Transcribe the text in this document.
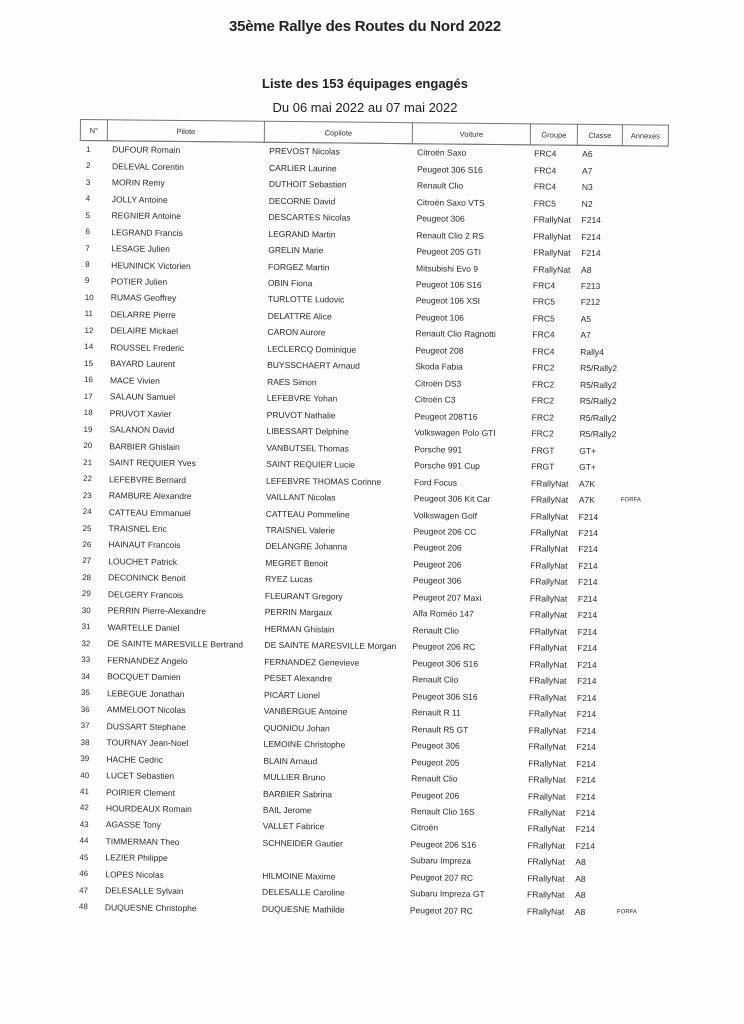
35ème Rallye des Routes du Nord 2022
Liste des 153 équipages engagés
Du 06 mai 2022 au 07 mai 2022
N°	Pilote	Copilote	Voiture	Groupe	Classe	Annexes
1	DUFOUR Romain	PREVOST Nicolas	Citroën Saxo	FRC4	A6	
2	DELEVAL Corentin	CARLIER Laurine	Peugeot 306 S16	FRC4	A7	
3	MORIN Remy	DUTHOIT Sebastien	Renault Clio	FRC4	N3	
4	JOLLY Antoine	DECORNE David	Citroën Saxo VTS	FRC5	N2	
5	REGNIER Antoine	DESCARTES Nicolas	Peugeot 306	FRallyNat	F214	
6	LEGRAND Francis	LEGRAND Martin	Renault Clio 2 RS	FRallyNat	F214	
7	LESAGE Julien	GRELIN Marie	Peugeot 205 GTI	FRallyNat	F214	
8	HEUNINCK Victorien	FORGEZ Martin	Mitsubishi Evo 9	FRallyNat	A8	
9	POTIER Julien	OBIN Fiona	Peugeot 106 S16	FRC4	F213	
10	RUMAS Geoffrey	TURLOTTE Ludovic	Peugeot 106 XSI	FRC5	F212	
11	DELARRE Pierre	DELATTRE Alice	Peugeot 106	FRC5	A5	
12	DELAIRE Mickael	CARON Aurore	Renault Clio Ragnotti	FRC4	A7	
14	ROUSSEL Frederic	LECLERCQ Dominique	Peugeot 208	FRC4	Rally4	
15	BAYARD Laurent	BUYSSCHAERT Arnaud	Skoda Fabia	FRC2	R5/Rally2	
16	MACE Vivien	RAES Simon	Citroën DS3	FRC2	R5/Rally2	
17	SALAUN Samuel	LEFEBVRE Yohan	Citroën C3	FRC2	R5/Rally2	
18	PRUVOT Xavier	PRUVOT Nathalie	Peugeot 208T16	FRC2	R5/Rally2	
19	SALANON David	LIBESSART Delphine	Volkswagen Polo GTI	FRC2	R5/Rally2	
20	BARBIER Ghislain	VANBUTSEL Thomas	Porsche 991	FRGT	GT+	
21	SAINT REQUIER Yves	SAINT REQUIER Lucie	Porsche 991 Cup	FRGT	GT+	
22	LEFEBVRE Bernard	LEFEBVRE THOMAS Corinne	Ford Focus	FRallyNat	A7K	
23	RAMBURE Alexandre	VAILLANT Nicolas	Peugeot 306 Kit Car	FRallyNat	A7K	FORFA
24	CATTEAU Emmanuel	CATTEAU Pommeline	Volkswagen Golf	FRallyNat	F214	
25	TRAISNEL Eric	TRAISNEL Valerie	Peugeot 206 CC	FRallyNat	F214	
26	HAINAUT Francois	DELANGRE Johanna	Peugeot 206	FRallyNat	F214	
27	LOUCHET Patrick	MEGRET Benoit	Peugeot 206	FRallyNat	F214	
28	DECONINCK Benoit	RYEZ Lucas	Peugeot 306	FRallyNat	F214	
29	DELGERY Francois	FLEURANT Gregory	Peugeot 207 Maxi	FRallyNat	F214	
30	PERRIN Pierre-Alexandre	PERRIN Margaux	Alfa Roméo 147	FRallyNat	F214	
31	WARTELLE Daniel	HERMAN Ghislain	Renault Clio	FRallyNat	F214	
32	DE SAINTE MARESVILLE Bertrand	DE SAINTE MARESVILLE Morgan	Peugeot 206 RC	FRallyNat	F214	
33	FERNANDEZ Angelo	FERNANDEZ Genevieve	Peugeot 306 S16	FRallyNat	F214	
34	BOCQUET Damien	PESET Alexandre	Renault Clio	FRallyNat	F214	
35	LEBEGUE Jonathan	PICART Lionel	Peugeot 306 S16	FRallyNat	F214	
36	AMMELOOT Nicolas	VANBERGUE Antoine	Renault R 11	FRallyNat	F214	
37	DUSSART Stephane	QUONIOU Johan	Renault R5 GT	FRallyNat	F214	
38	TOURNAY Jean-Noel	LEMOINE Christophe	Peugeot 306	FRallyNat	F214	
39	HACHE Cedric	BLAIN Arnaud	Peugeot 205	FRallyNat	F214	
40	LUCET Sebastien	MULLIER Bruno	Renault Clio	FRallyNat	F214	
41	POIRIER Clement	BARBIER Sabrina	Peugeot 206	FRallyNat	F214	
42	HOURDEAUX Romain	BAIL Jerome	Renault Clio 16S	FRallyNat	F214	
43	AGASSE Tony	VALLET Fabrice	Citroën	FRallyNat	F214	
44	TIMMERMAN Theo	SCHNEIDER Gautier	Peugeot 206 S16	FRallyNat	F214	
45	LEZIER Philippe		Subaru Impreza	FRallyNat	A8	
46	LOPES Nicolas	HILMOINE Maxime	Peugeot 207 RC	FRallyNat	A8	
47	DELESALLE Sylvain	DELESALLE Caroline	Subaru Impreza GT	FRallyNat	A8	
48	DUQUESNE Christophe	DUQUESNE Mathilde	Peugeot 207 RC	FRallyNat	A8	FORFA
